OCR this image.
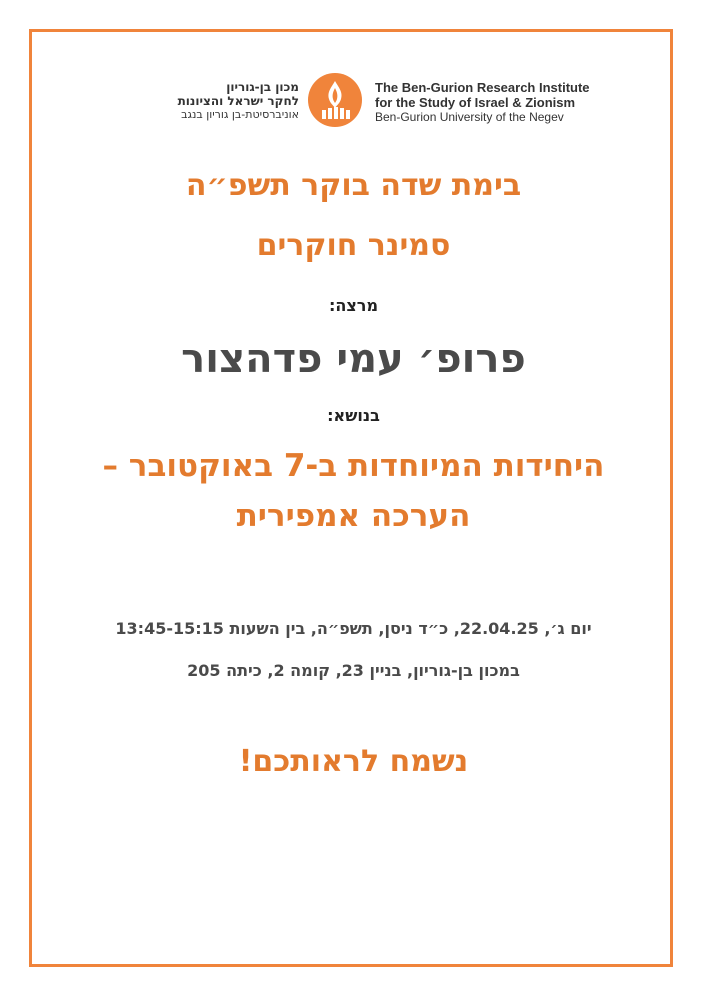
מכון בן-גוריון
לחקר ישראל והציונות
אוניברסיטת-בן גוריון בנגב
The Ben-Gurion Research Institute
for the Study of Israel & Zionism
Ben-Gurion University of the Negev
בימת שדה בוקר תשפ״ה
סמינר חוקרים
מרצה:
פרופ׳ עמי פדהצור
בנושא:
היחידות המיוחדות ב-7 באוקטובר –
הערכה אמפירית
יום ג׳, 22.04.25, כ״ד ניסן, תשפ״ה, בין השעות 13:45-15:15
במכון בן-גוריון, בניין 23, קומה 2, כיתה 205
נשמח לראותכם!
